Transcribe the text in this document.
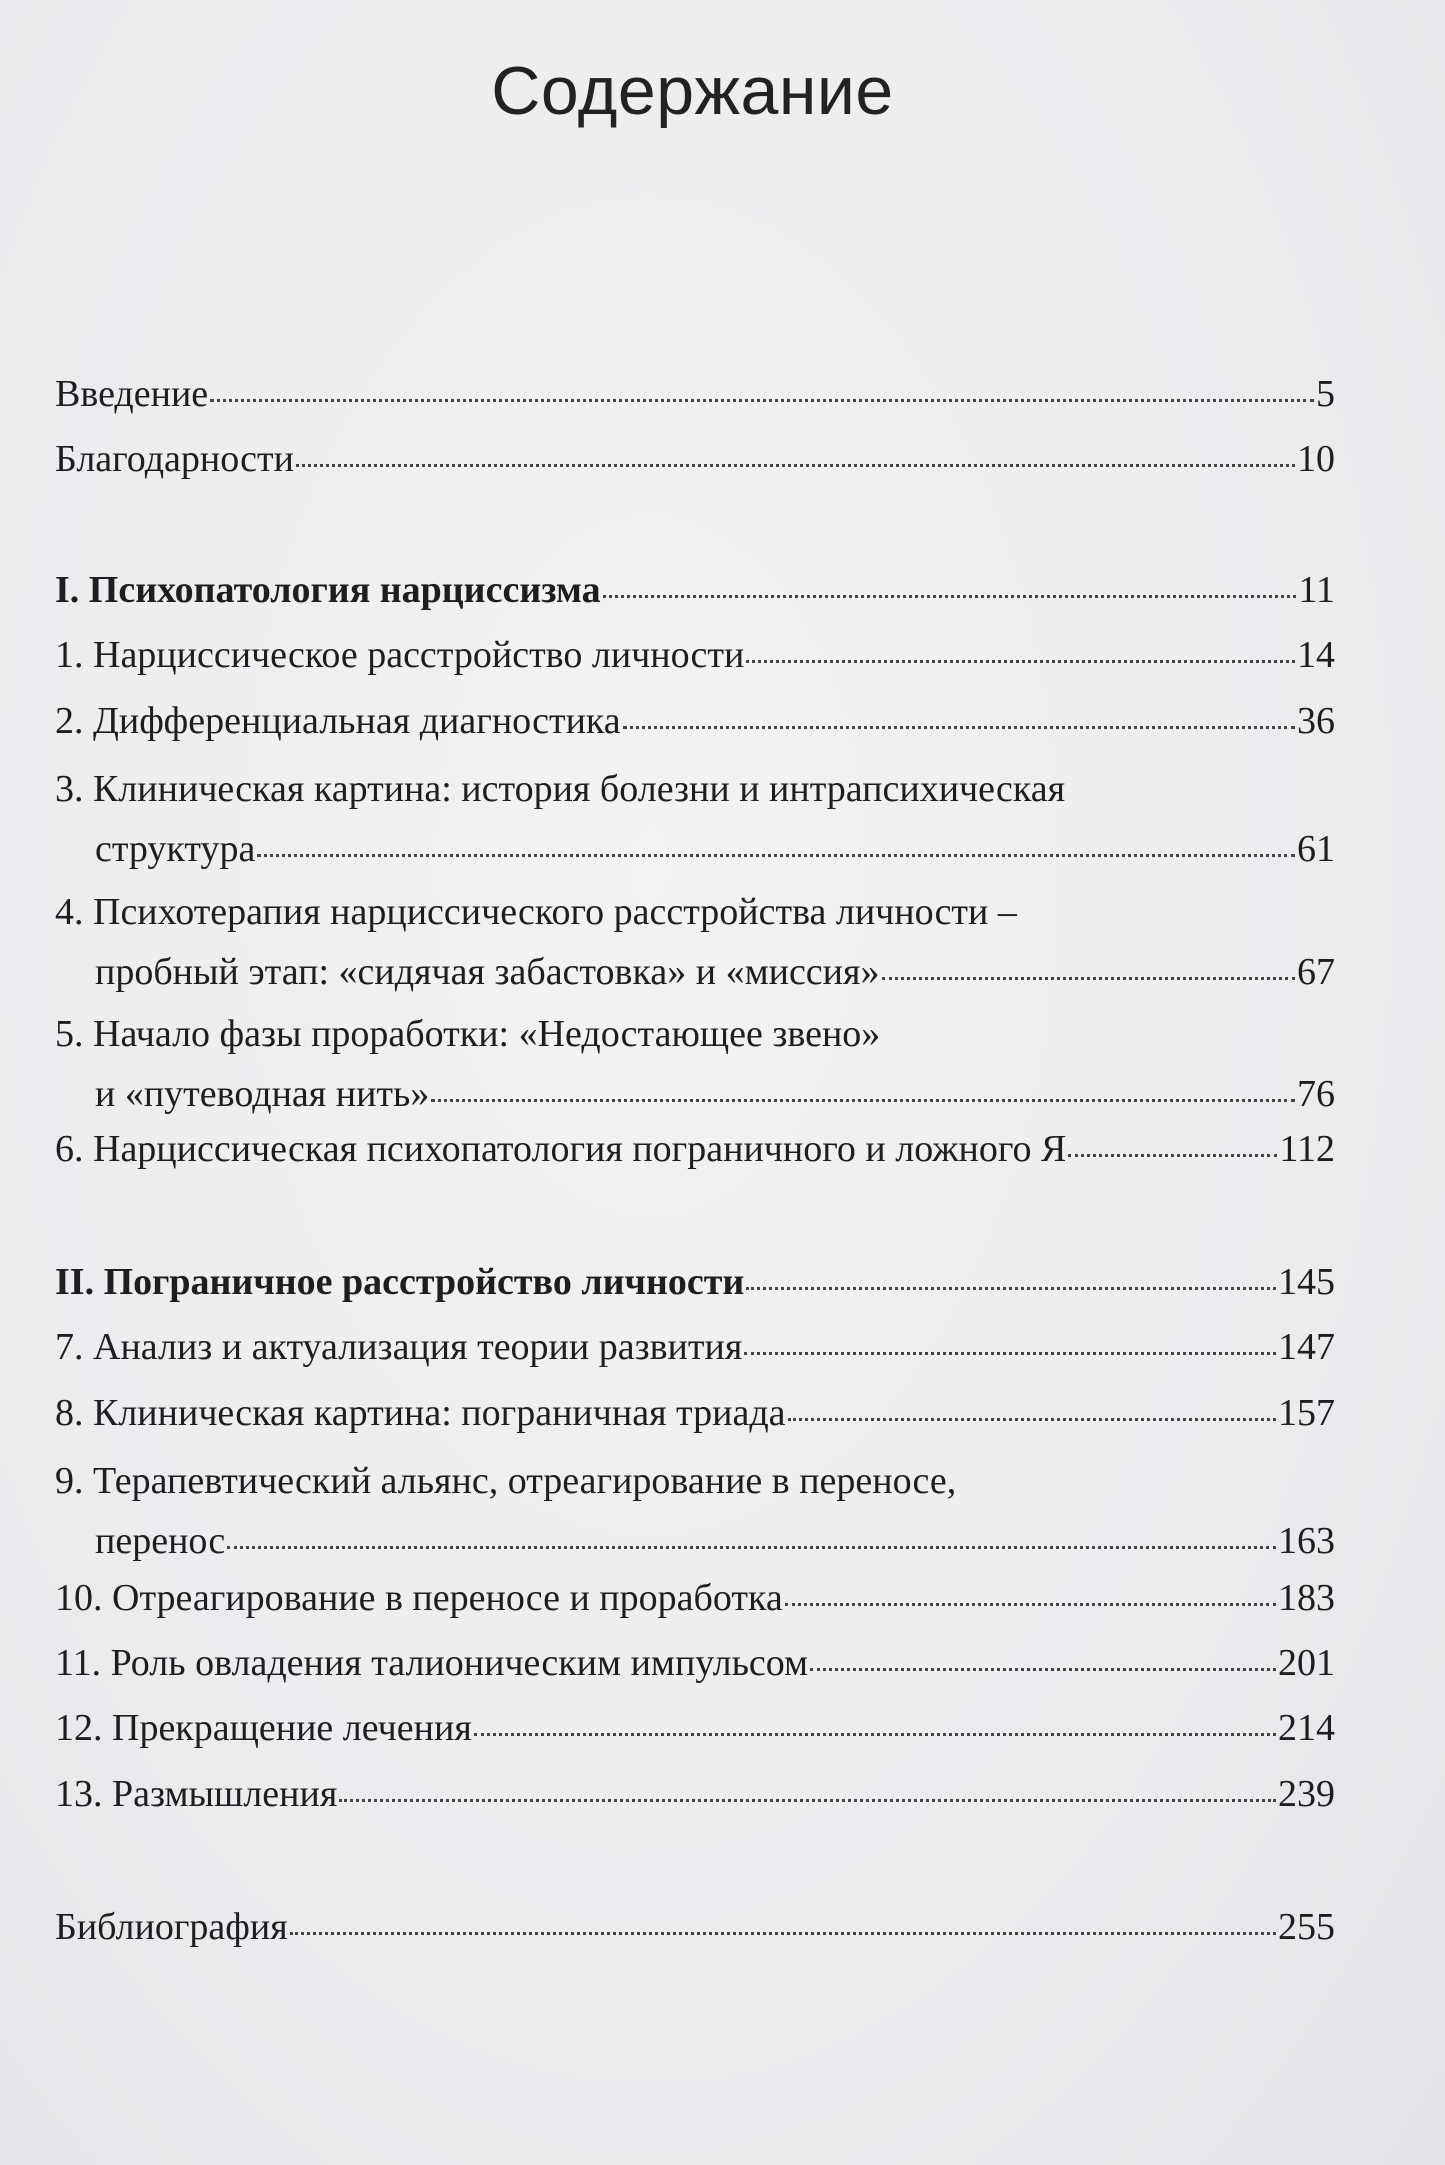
Содержание
Введение	5
Благодарности	10
I. Психопатология нарциссизма	11
1. Нарциссическое расстройство личности	14
2. Дифференциальная диагностика	36
3. Клиническая картина: история болезни и интрапсихическая
структура	61
4. Психотерапия нарциссического расстройства личности –
пробный этап: «сидячая забастовка» и «миссия»	67
5. Начало фазы проработки: «Недостающее звено»
и «путеводная нить»	76
6. Нарциссическая психопатология пограничного и ложного Я	112
II. Пограничное расстройство личности	145
7. Анализ и актуализация теории развития	147
8. Клиническая картина: пограничная триада	157
9. Терапевтический альянс, отреагирование в переносе,
перенос	163
10. Отреагирование в переносе и проработка	183
11. Роль овладения талионическим импульсом	201
12. Прекращение лечения	214
13. Размышления	239
Библиография	255
